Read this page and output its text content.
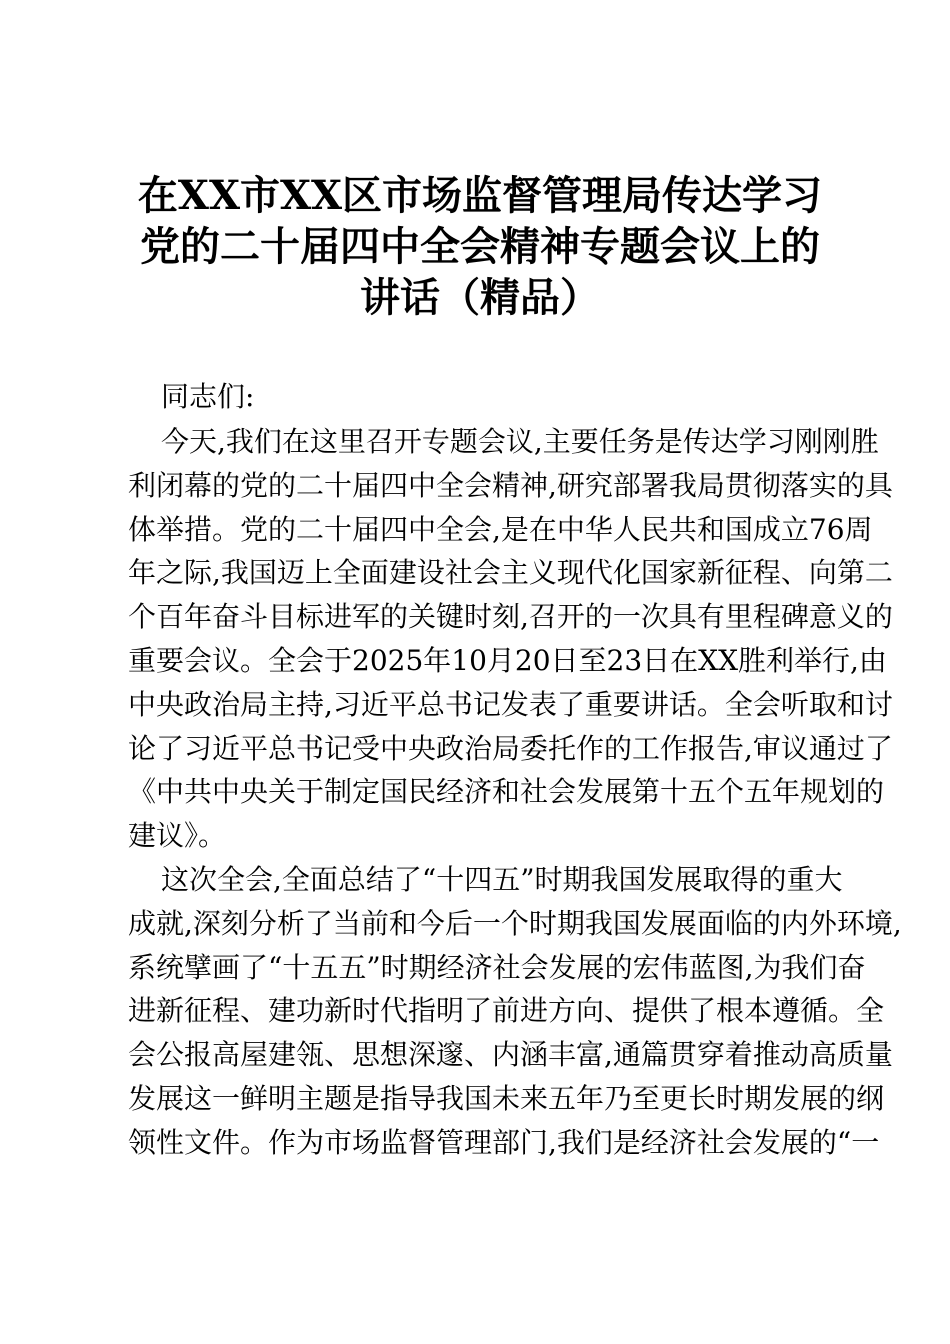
在XX市XX区市场监督管理局传达学习
党的二十届四中全会精神专题会议上的
讲话（精品）
同志们:
今天,我们在这里召开专题会议,主要任务是传达学习刚刚胜
利闭幕的党的二十届四中全会精神,研究部署我局贯彻落实的具
体举措。党的二十届四中全会,是在中华人民共和国成立76周
年之际,我国迈上全面建设社会主义现代化国家新征程、向第二
个百年奋斗目标进军的关键时刻,召开的一次具有里程碑意义的
重要会议。全会于2025年10月20日至23日在XX胜利举行,由
中央政治局主持,习近平总书记发表了重要讲话。全会听取和讨
论了习近平总书记受中央政治局委托作的工作报告,审议通过了
《中共中央关于制定国民经济和社会发展第十五个五年规划的
建议》。
这次全会,全面总结了“十四五”时期我国发展取得的重大
成就,深刻分析了当前和今后一个时期我国发展面临的内外环境,
系统擘画了“十五五”时期经济社会发展的宏伟蓝图,为我们奋
进新征程、建功新时代指明了前进方向、提供了根本遵循。全
会公报高屋建瓴、思想深邃、内涵丰富,通篇贯穿着推动高质量
发展这一鲜明主题是指导我国未来五年乃至更长时期发展的纲
领性文件。作为市场监督管理部门,我们是经济社会发展的“一
